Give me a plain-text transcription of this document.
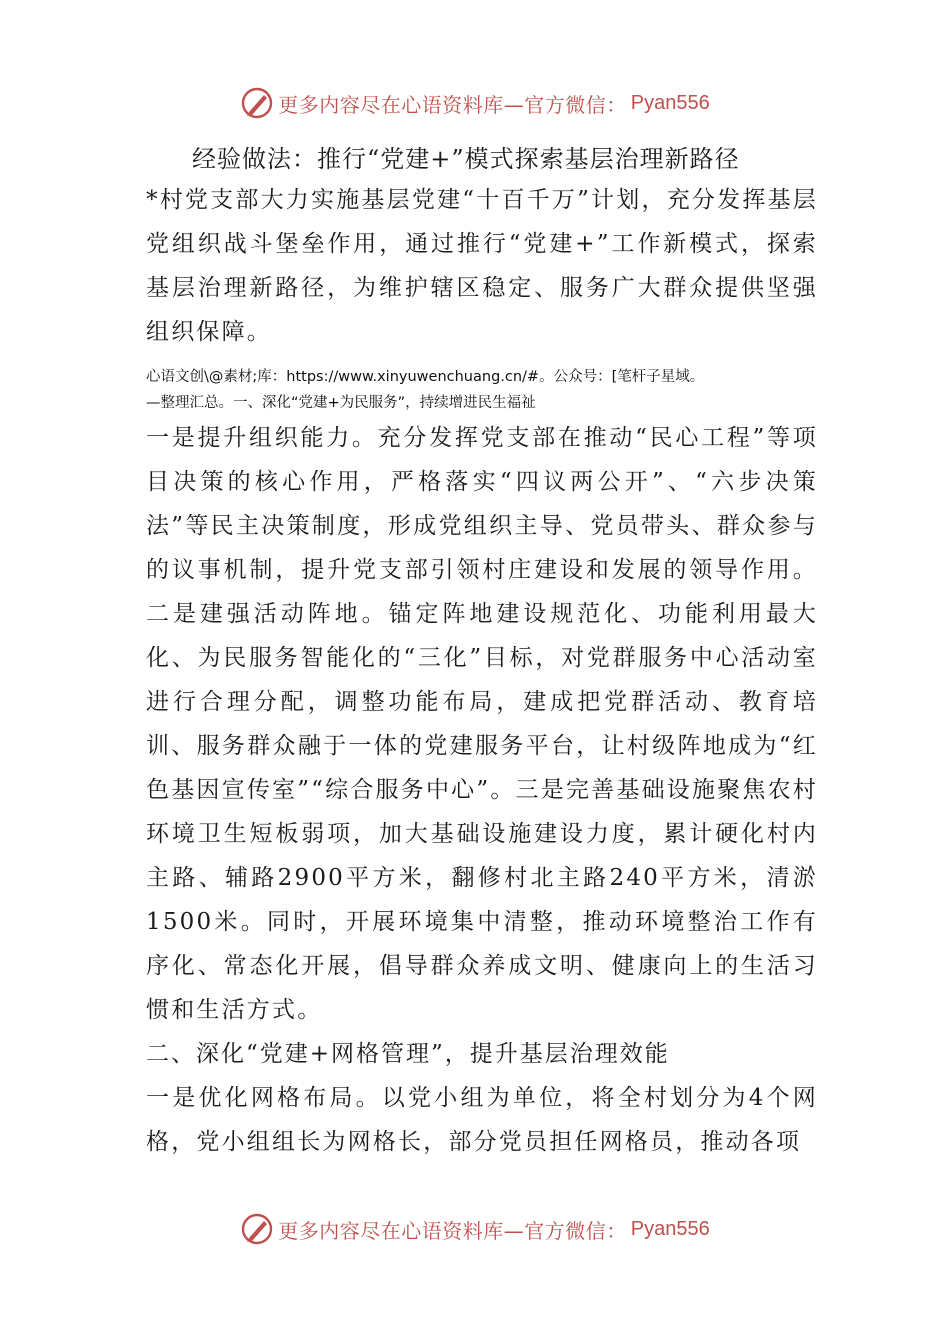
更多内容尽在心语资料库—官方微信： Pyan556
经验做法：推行“党建+”模式探索基层治理新路径

*村党支部大力实施基层党建“十百千万”计划，充分发挥基层党组织战斗堡垒作用，通过推行“党建+”工作新模式，探索基层治理新路径，为维护辖区稳定、服务广大群众提供坚强组织保障。

心语文创\@素材;库：https://www.xinyuwenchuang.cn/#。公众号：[笔杆子星域。
—整理汇总。一、深化“党建+为民服务”，持续增进民生福祉

一是提升组织能力。充分发挥党支部在推动“民心工程”等项目决策的核心作用，严格落实“四议两公开”、“六步决策法”等民主决策制度，形成党组织主导、党员带头、群众参与的议事机制，提升党支部引领村庄建设和发展的领导作用。二是建强活动阵地。锚定阵地建设规范化、功能利用最大化、为民服务智能化的“三化”目标，对党群服务中心活动室进行合理分配，调整功能布局，建成把党群活动、教育培训、服务群众融于一体的党建服务平台，让村级阵地成为“红色基因宣传室”“综合服务中心”。三是完善基础设施聚焦农村环境卫生短板弱项，加大基础设施建设力度，累计硬化村内主路、辅路2900平方米，翻修村北主路240平方米，清淤1500米。同时，开展环境集中清整，推动环境整治工作有序化、常态化开展，倡导群众养成文明、健康向上的生活习惯和生活方式。

二、深化“党建+网格管理”，提升基层治理效能

一是优化网格布局。以党小组为单位，将全村划分为4个网格，党小组组长为网格长，部分党员担任网格员，推动各项

更多内容尽在心语资料库—官方微信： Pyan556
